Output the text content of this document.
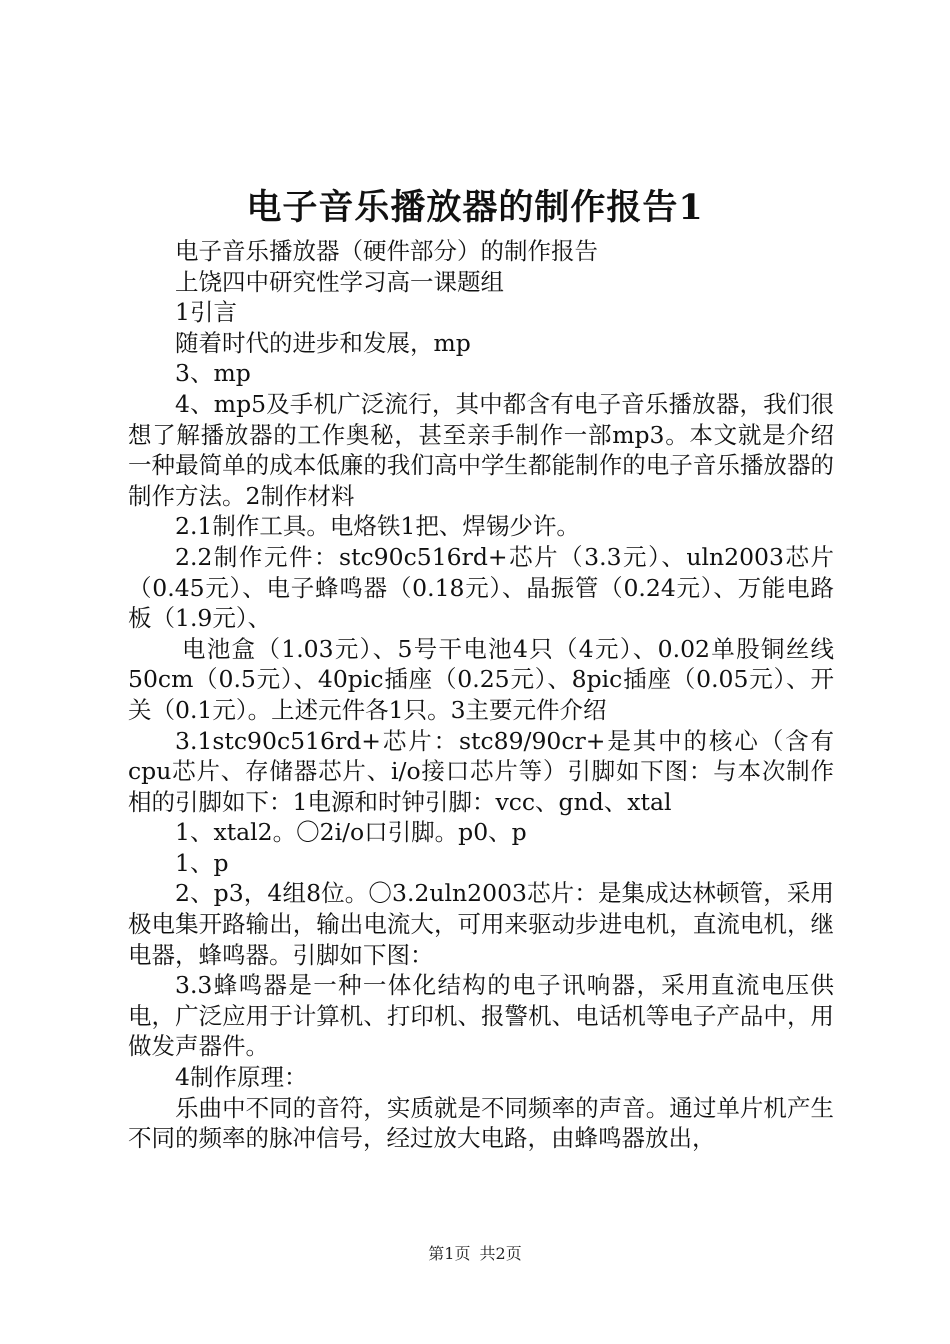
电子音乐播放器的制作报告1

电子音乐播放器（硬件部分）的制作报告

上饶四中研究性学习高一课题组

1引言

随着时代的进步和发展，mp

3、mp

4、mp5及手机广泛流行，其中都含有电子音乐播放器，我们很想了解播放器的工作奥秘，甚至亲手制作一部mp3。本文就是介绍一种最简单的成本低廉的我们高中学生都能制作的电子音乐播放器的制作方法。2制作材料

2.1制作工具。电烙铁1把、焊锡少许。

2.2制作元件：stc90c516rd+芯片（3.3元）、uln2003芯片（0.45元）、电子蜂鸣器（0.18元）、晶振管（0.24元）、万能电路板（1.9元）、

电池盒（1.03元）、5号干电池4只（4元）、0.02单股铜丝线50cm（0.5元）、40pic插座（0.25元）、8pic插座（0.05元）、开关（0.1元）。上述元件各1只。3主要元件介绍

3.1stc90c516rd+芯片：stc89/90cr+是其中的核心（含有cpu芯片、存储器芯片、i/o接口芯片等）引脚如下图：与本次制作相的引脚如下：1电源和时钟引脚：vcc、gnd、xtal

1、xtal2。〇2i/o口引脚。p0、p

1、p

2、p3，4组8位。〇3.2uln2003芯片：是集成达林顿管，采用极电集开路输出，输出电流大，可用来驱动步进电机，直流电机，继电器，蜂鸣器。引脚如下图：

3.3蜂鸣器是一种一体化结构的电子讯响器，采用直流电压供电，广泛应用于计算机、打印机、报警机、电话机等电子产品中，用做发声器件。

4制作原理：

乐曲中不同的音符，实质就是不同频率的声音。通过单片机产生不同的频率的脉冲信号，经过放大电路，由蜂鸣器放出，

第1页 共2页
